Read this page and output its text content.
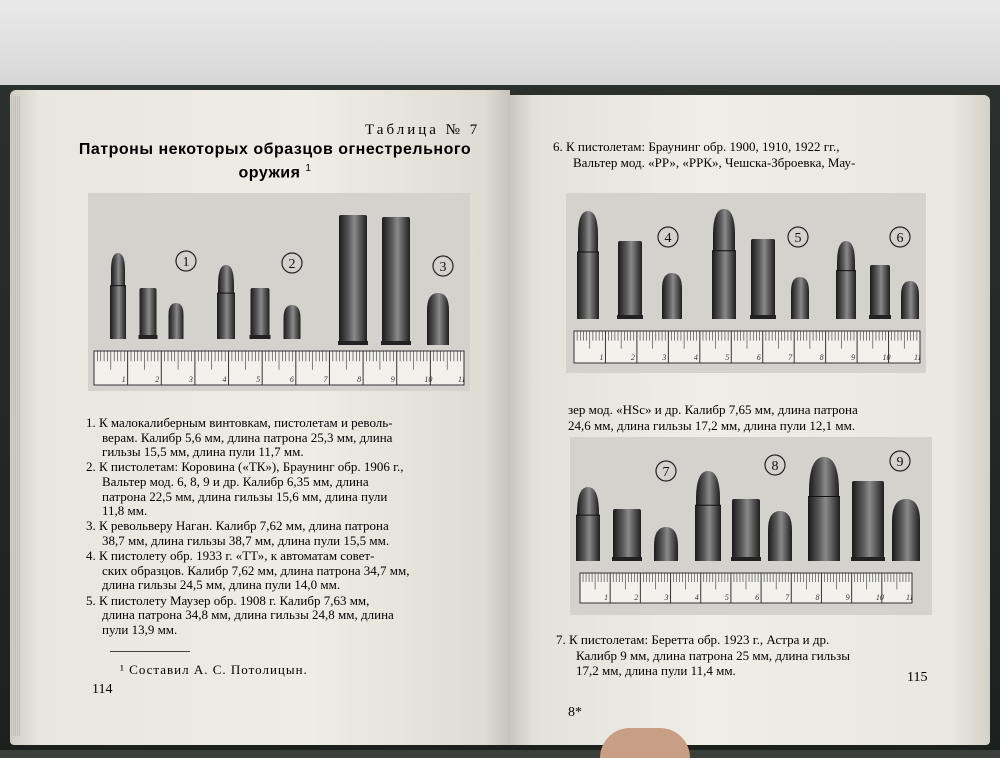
Таблица № 7
Патроны некоторых образцов огнестрельного
оружия $^1$
1	2	3
1	2	3	4	5	6	7	8	9	10	11
1. К малокалиберным винтовкам, пистолетам и револь-
верам. Калибр 5,6 мм, длина патрона 25,3 мм, длина
гильзы 15,5 мм, длина пули 11,7 мм.
2. К пистолетам: Коровина («ТК»), Браунинг обр. 1906 г.,
Вальтер мод. 6, 8, 9 и др. Калибр 6,35 мм, длина
патрона 22,5 мм, длина гильзы 15,6 мм, длина пули
11,8 мм.
3. К револьверу Наган. Калибр 7,62 мм, длина патрона
38,7 мм, длина гильзы 38,7 мм, длина пули 15,5 мм.
4. К пистолету обр. 1933 г. «ТТ», к автоматам совет-
ских образцов. Калибр 7,62 мм, длина патрона 34,7 мм,
длина гильзы 24,5 мм, длина пули 14,0 мм.
5. К пистолету Маузер обр. 1908 г. Калибр 7,63 мм,
длина патрона 34,8 мм, длина гильзы 24,8 мм, длина
пули 13,9 мм.
¹ Составил А. С. Потолицын.
114
6. К пистолетам: Браунинг обр. 1900, 1910, 1922 гг.,
Вальтер мод. «РР», «РРК», Чешска-Зброевка, Мау-
4	5	6
1	2	3	4	5	6	7	8	9	10	11
зер мод. «HSc» и др. Калибр 7,65 мм, длина патрона
24,6 мм, длина гильзы 17,2 мм, длина пули 12,1 мм.
7	8	9
1	2	3	4	5	6	7	8	9	10	11
7. К пистолетам: Беретта обр. 1923 г., Астра и др.
Калибр 9 мм, длина патрона 25 мм, длина гильзы
17,2 мм, длина пули 11,4 мм.
8*
115
